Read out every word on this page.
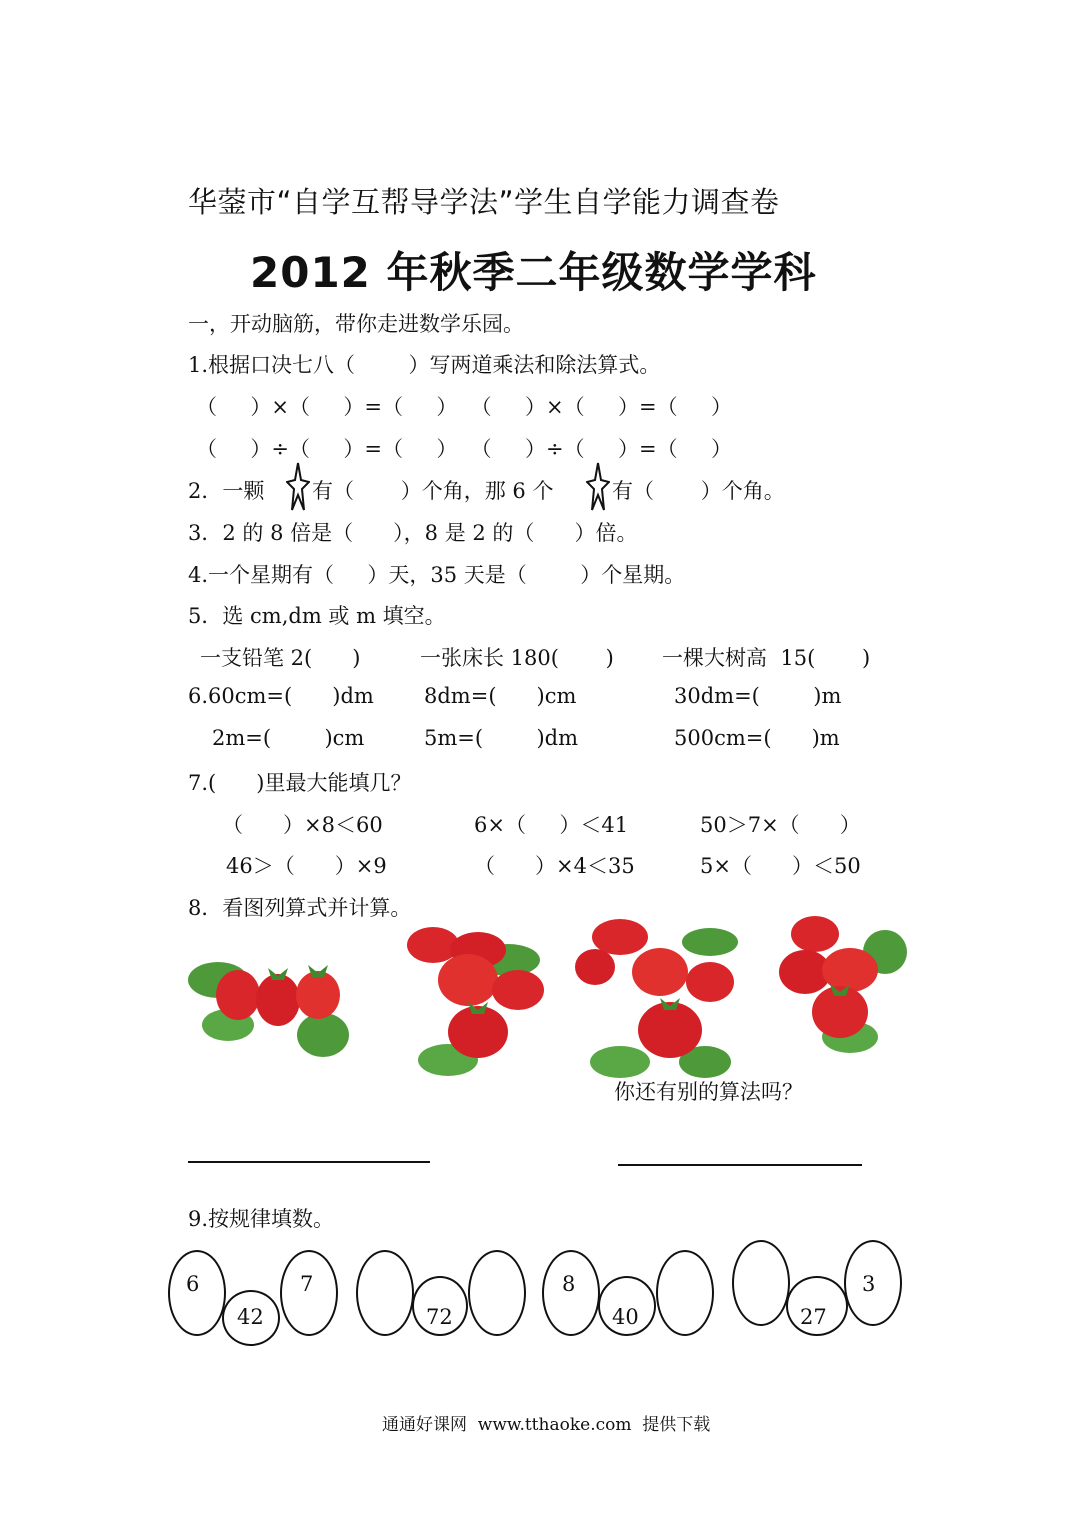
华蓥市“自学互帮导学法”学生自学能力调查卷
2012 年秋季二年级数学学科
一，开动脑筋，带你走进数学乐园。
1.根据口决七八（        ）写两道乘法和除法算式。
（     ）×（     ）=（     ）  （     ）×（     ）=（     ）
（     ）÷（     ）=（     ）  （     ）÷（     ）=（     ）
2．一颗 有（       ）个角，那 6 个	有（       ）个角。
3．2 的 8 倍是（      ），8 是 2 的（      ）倍。
4.一个星期有（     ）天，35 天是（        ）个星期。
5．选 cm,dm 或 m 填空。
一支铅笔 2(      )	一张床长 180(       ) 一棵大树高  15(       )
6.60cm=(      )dm 8dm=(      )cm	30dm=(        )m
2m=(        )cm	5m=(        )dm	500cm=(      )m
7.(      )里最大能填几？
（      ）×8＜60	6×（     ）＜41	50＞7×（      ）
46＞（      ）×9	（      ）×4＜35	5×（      ）＜50
8．看图列算式并计算。
你还有别的算法吗？
9.按规律填数。
6
42
7
72
8
40	27
3
通通好课网  www.tthaoke.com  提供下载
